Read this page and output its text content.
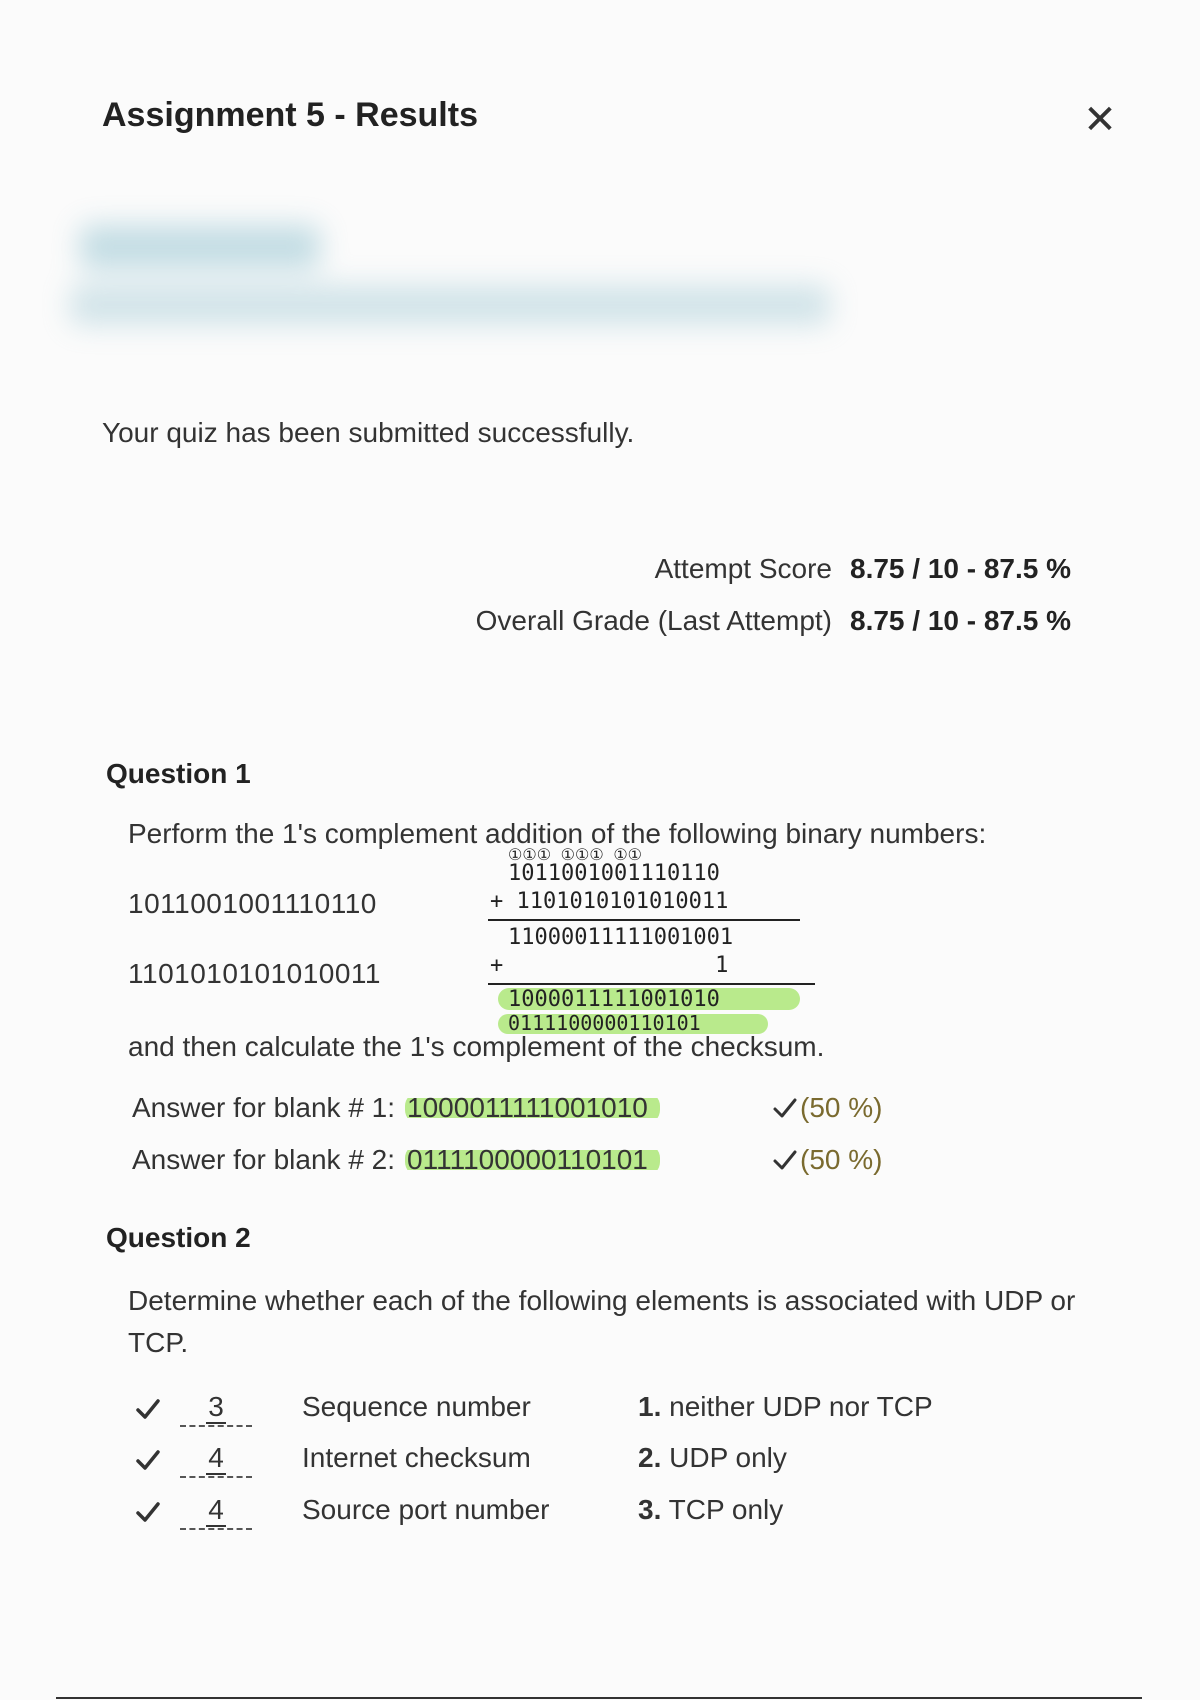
Assignment 5 - Results	✕
Your quiz has been submitted successfully.
Attempt Score 8.75 / 10 - 87.5 %
Overall Grade (Last Attempt) 8.75 / 10 - 87.5 %
Question 1
Perform the 1's complement addition of the following binary numbers:
1011001001110110
1101010101010011
①①① ①①① ①①
1011001001110110
+ 1101010101010011
11000011111001001
+                1
1000011111001010
0111100000110101
and then calculate the 1's complement of the checksum.
Answer for blank # 1: 1000011111001010	(50 %)
Answer for blank # 2: 0111100000110101	(50 %)
Question 2
Determine whether each of the following elements is associated with UDP or TCP.
3	Sequence number	1. neither UDP nor TCP
4	Internet checksum	2. UDP only
4	Source port number	3. TCP only
